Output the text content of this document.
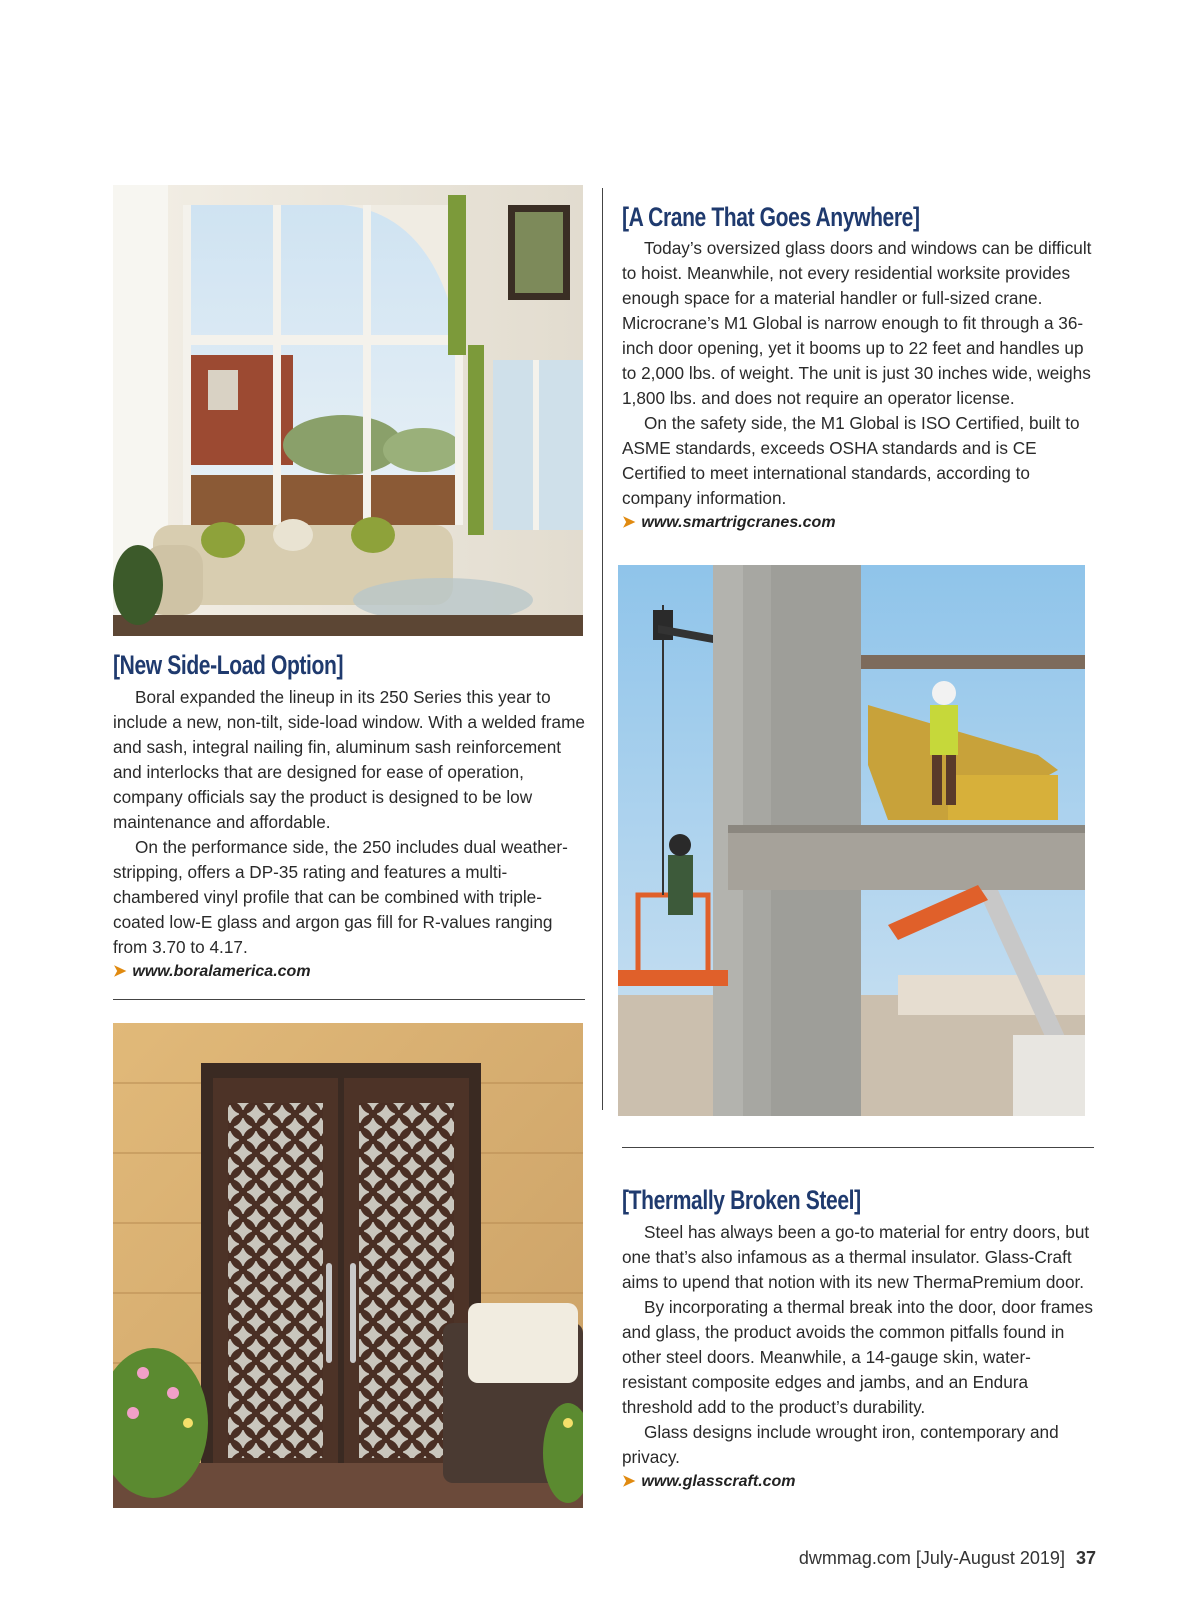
[New Side-Load Option]

Boral expanded the lineup in its 250 Series this year to include a new, non-tilt, side-load window. With a welded frame and sash, integral nailing fin, aluminum sash reinforcement and interlocks that are designed for ease of operation, company officials say the product is designed to be low maintenance and affordable.

On the performance side, the 250 includes dual weather-stripping, offers a DP-35 rating and features a multi-chambered vinyl profile that can be combined with triple-coated low-E glass and argon gas fill for R-values ranging from 3.70 to 4.17.

➤ www.boralamerica.com

[A Crane That Goes Anywhere]

Today’s oversized glass doors and windows can be difficult to hoist. Meanwhile, not every residential worksite provides enough space for a material handler or full-sized crane. Microcrane’s M1 Global is narrow enough to fit through a 36-inch door opening, yet it booms up to 22 feet and handles up to 2,000 lbs. of weight. The unit is just 30 inches wide, weighs 1,800 lbs. and does not require an operator license.

On the safety side, the M1 Global is ISO Certified, built to ASME standards, exceeds OSHA standards and is CE Certified to meet international standards, according to company information.

➤ www.smartrigcranes.com

[Thermally Broken Steel]

Steel has always been a go-to material for entry doors, but one that’s also infamous as a thermal insulator. Glass-Craft aims to upend that notion with its new ThermaPremium door.

By incorporating a thermal break into the door, door frames and glass, the product avoids the common pitfalls found in other steel doors. Meanwhile, a 14-gauge skin, water-resistant composite edges and jambs, and an Endura threshold add to the product’s durability.

Glass designs include wrought iron, contemporary and privacy.

➤ www.glasscraft.com

dwmmag.com [July-August 2019] 37
